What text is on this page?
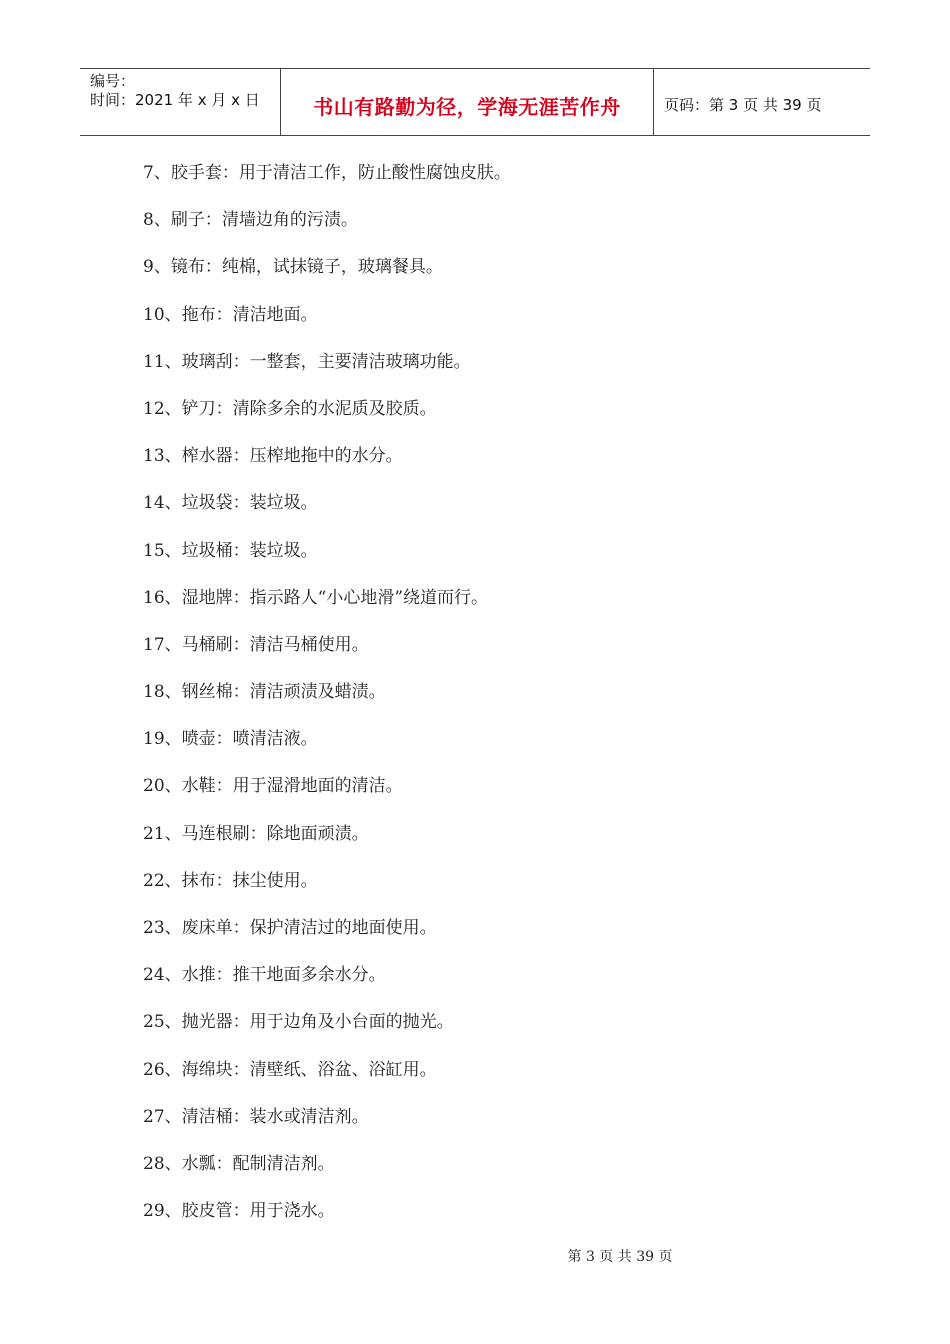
编号：
时间：2021 年 x 月 x 日	书山有路勤为径，学海无涯苦作舟	页码：第 3 页 共 39 页
7、胶手套：用于清洁工作，防止酸性腐蚀皮肤。
8、刷子：清墙边角的污渍。
9、镜布：纯棉，试抹镜子，玻璃餐具。
10、拖布：清洁地面。
11、玻璃刮：一整套，主要清洁玻璃功能。
12、铲刀：清除多余的水泥质及胶质。
13、榨水器：压榨地拖中的水分。
14、垃圾袋：装垃圾。
15、垃圾桶：装垃圾。
16、湿地牌：指示路人“小心地滑”绕道而行。
17、马桶刷：清洁马桶使用。
18、钢丝棉：清洁顽渍及蜡渍。
19、喷壶：喷清洁液。
20、水鞋：用于湿滑地面的清洁。
21、马连根刷：除地面顽渍。
22、抹布：抹尘使用。
23、废床单：保护清洁过的地面使用。
24、水推：推干地面多余水分。
25、抛光器：用于边角及小台面的抛光。
26、海绵块：清壁纸、浴盆、浴缸用。
27、清洁桶：装水或清洁剂。
28、水瓢：配制清洁剂。
29、胶皮管：用于浇水。
第 3 页 共 39 页
